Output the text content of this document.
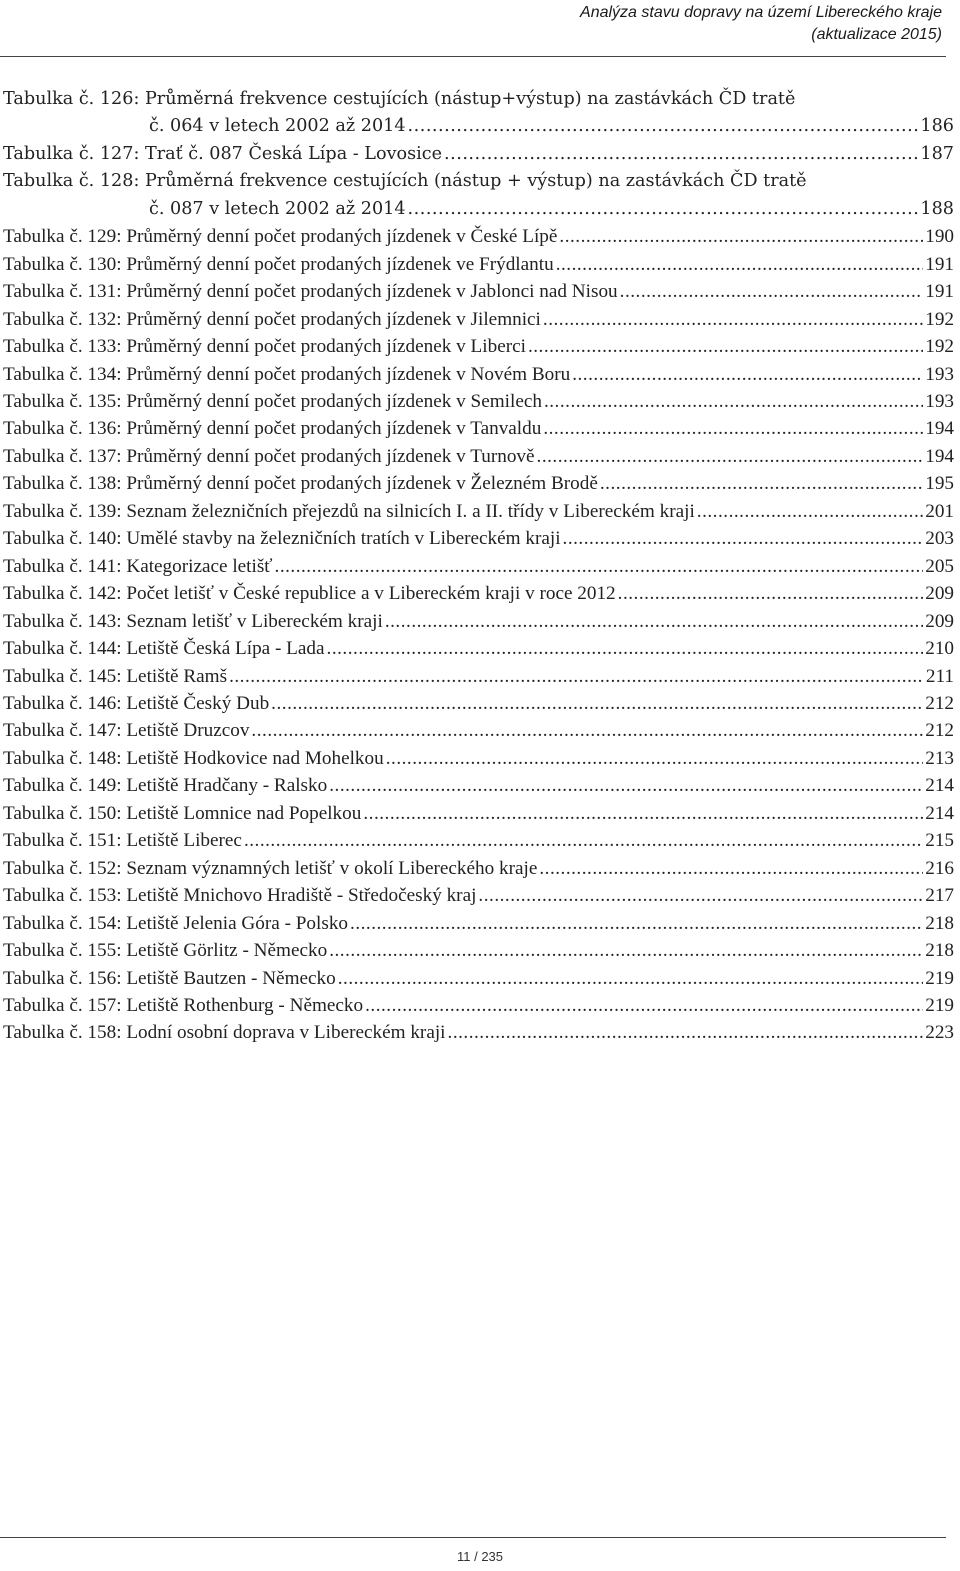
Analýza stavu dopravy na území Libereckého kraje
(aktualizace 2015)
Tabulka č. 126: Průměrná frekvence cestujících (nástup+výstup) na zastávkách ČD tratě
č. 064 v letech 2002 až 2014 .....	186
Tabulka č. 127: Trať č. 087 Česká Lípa - Lovosice .....	187
Tabulka č. 128: Průměrná frekvence cestujících (nástup + výstup) na zastávkách ČD tratě
č. 087 v letech 2002 až 2014 .....	188
Tabulka č. 129: Průměrný denní počet prodaných jízdenek v České Lípě .....	190
Tabulka č. 130: Průměrný denní počet prodaných jízdenek ve Frýdlantu .....	191
Tabulka č. 131: Průměrný denní počet prodaných jízdenek v Jablonci nad Nisou .....	191
Tabulka č. 132: Průměrný denní počet prodaných jízdenek v Jilemnici .....	192
Tabulka č. 133: Průměrný denní počet prodaných jízdenek v Liberci .....	192
Tabulka č. 134: Průměrný denní počet prodaných jízdenek v Novém Boru .....	193
Tabulka č. 135: Průměrný denní počet prodaných jízdenek v Semilech .....	193
Tabulka č. 136: Průměrný denní počet prodaných jízdenek v Tanvaldu .....	194
Tabulka č. 137: Průměrný denní počet prodaných jízdenek v Turnově .....	194
Tabulka č. 138: Průměrný denní počet prodaných jízdenek v Železném Brodě .....	195
Tabulka č. 139: Seznam železničních přejezdů na silnicích I. a II. třídy v Libereckém kraji .....	201
Tabulka č. 140: Umělé stavby na železničních tratích v Libereckém kraji .....	203
Tabulka č. 141: Kategorizace letišť .....	205
Tabulka č. 142: Počet letišť v České republice a v Libereckém kraji v roce 2012 .....	209
Tabulka č. 143: Seznam letišť v Libereckém kraji .....	209
Tabulka č. 144: Letiště Česká Lípa - Lada .....	210
Tabulka č. 145: Letiště Ramš .....	211
Tabulka č. 146: Letiště Český Dub .....	212
Tabulka č. 147: Letiště Druzcov .....	212
Tabulka č. 148: Letiště Hodkovice nad Mohelkou .....	213
Tabulka č. 149: Letiště Hradčany - Ralsko .....	214
Tabulka č. 150: Letiště Lomnice nad Popelkou .....	214
Tabulka č. 151: Letiště Liberec .....	215
Tabulka č. 152: Seznam významných letišť v okolí Libereckého kraje .....	216
Tabulka č. 153: Letiště Mnichovo Hradiště - Středočeský kraj .....	217
Tabulka č. 154: Letiště Jelenia Góra - Polsko .....	218
Tabulka č. 155: Letiště Görlitz - Německo .....	218
Tabulka č. 156: Letiště Bautzen - Německo .....	219
Tabulka č. 157: Letiště Rothenburg - Německo .....	219
Tabulka č. 158: Lodní osobní doprava v Libereckém kraji .....	223
11 / 235
